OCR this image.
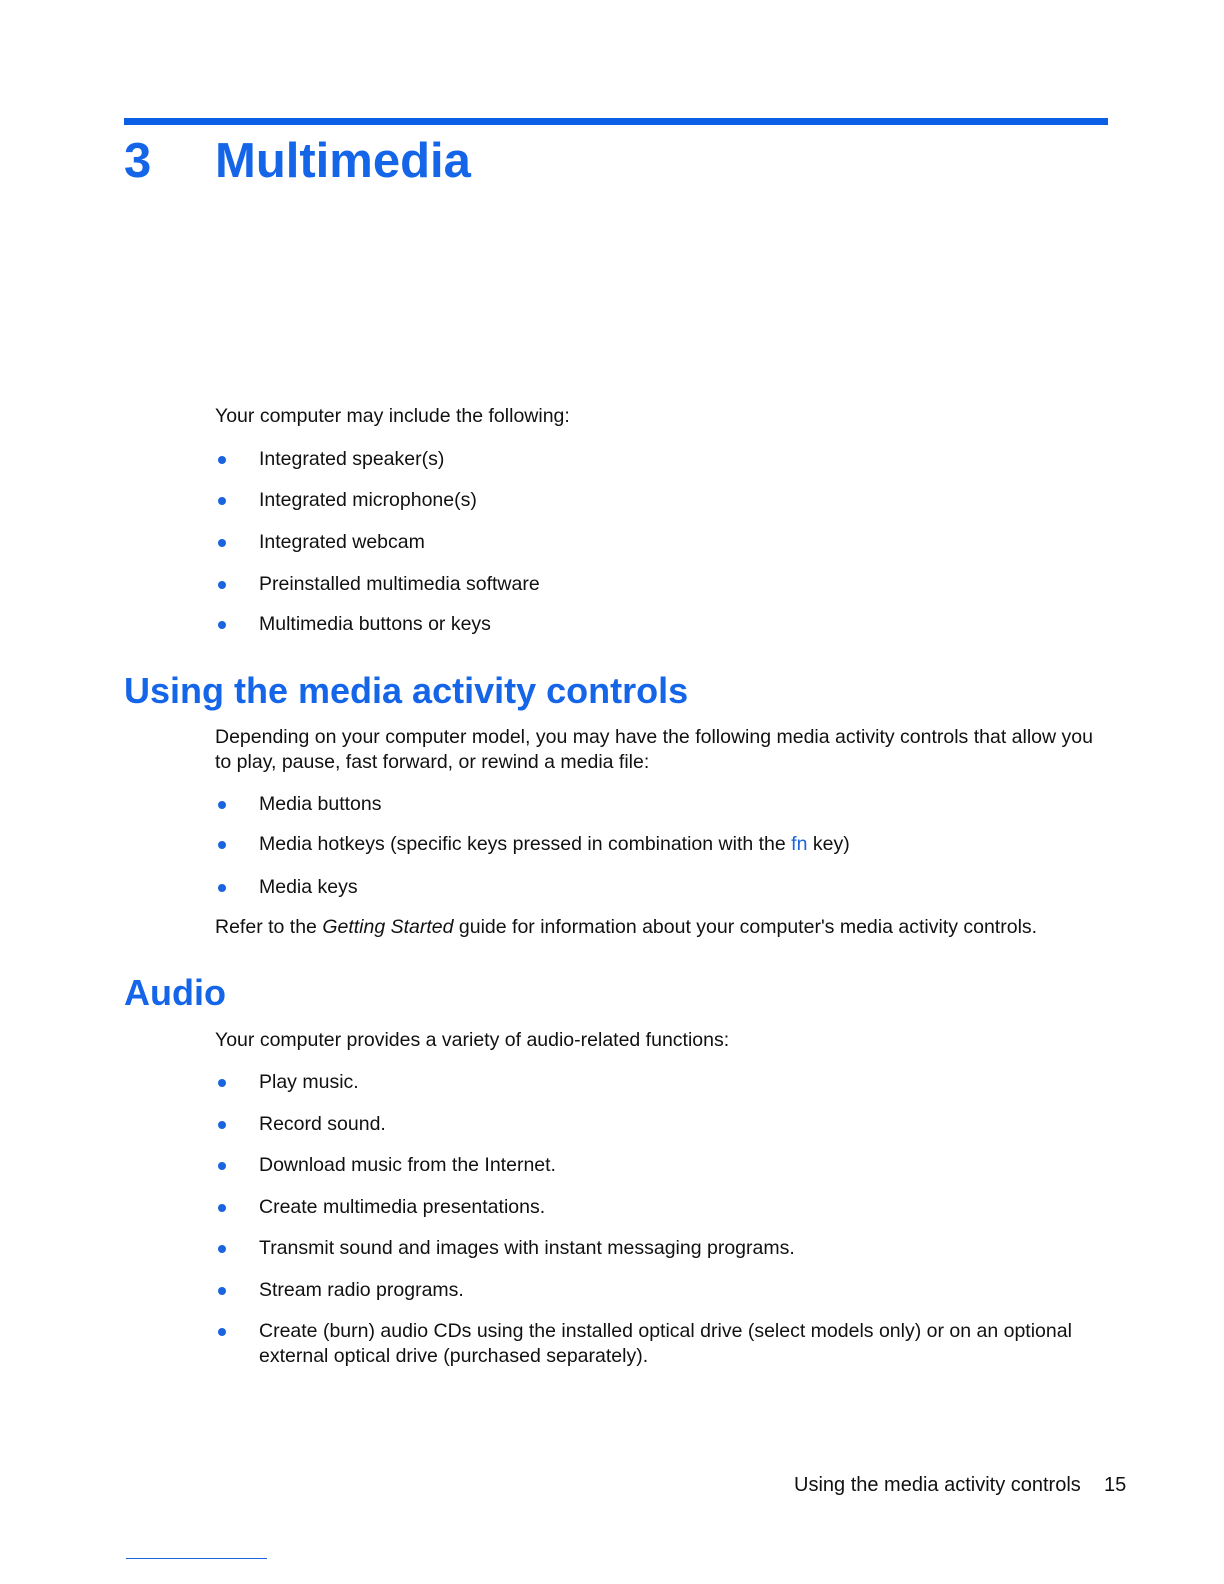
3 Multimedia

Your computer may include the following:

Integrated speaker(s)
Integrated microphone(s)
Integrated webcam
Preinstalled multimedia software
Multimedia buttons or keys
Using the media activity controls

Depending on your computer model, you may have the following media activity controls that allow you to play, pause, fast forward, or rewind a media file:

Media buttons
Media hotkeys (specific keys pressed in combination with the fn key)
Media keys

Refer to the Getting Started guide for information about your computer's media activity controls.

Audio

Your computer provides a variety of audio-related functions:

Play music.
Record sound.
Download music from the Internet.
Create multimedia presentations.
Transmit sound and images with instant messaging programs.
Stream radio programs.
Create (burn) audio CDs using the installed optical drive (select models only) or on an optional external optical drive (purchased separately).
Using the media activity controls 15
